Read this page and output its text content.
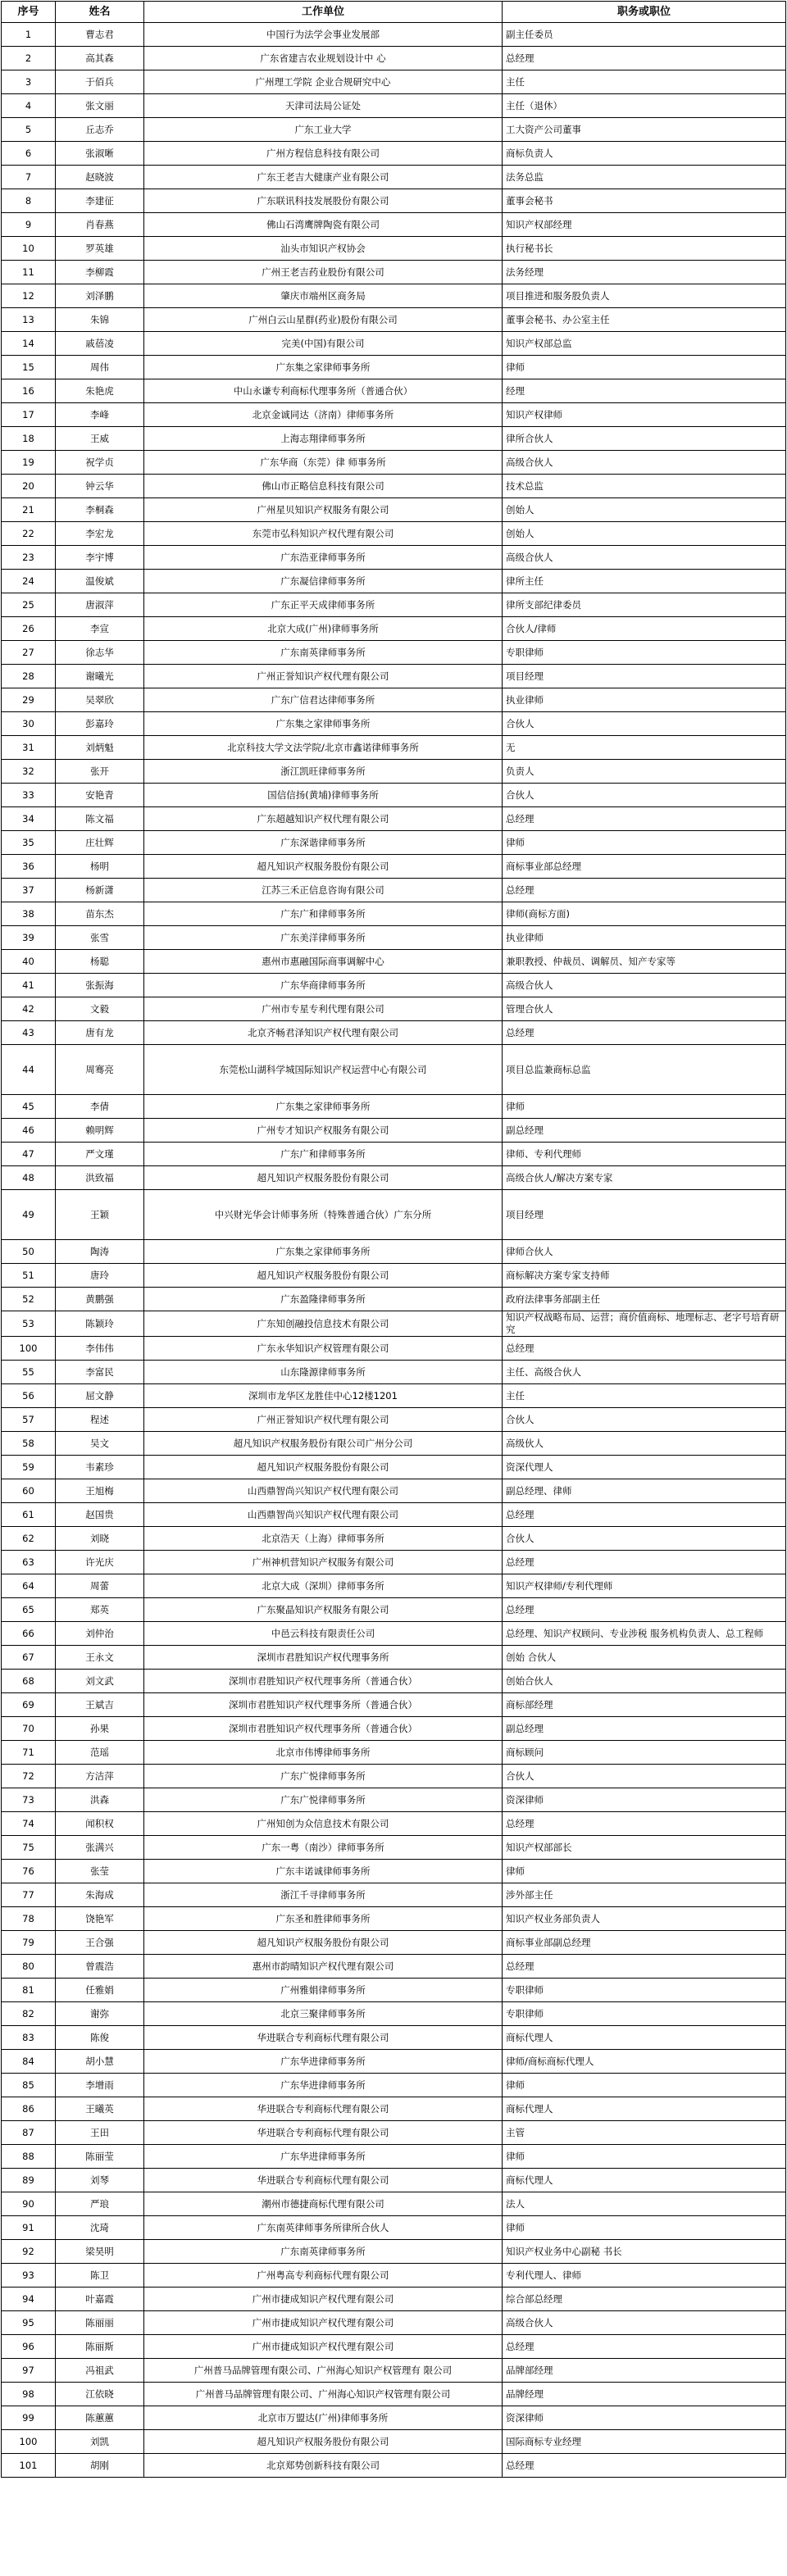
序号	姓名	工作单位	职务或职位
1	曹志君	中国行为法学会事业发展部	副主任委员
2	高其森	广东省建吉农业规划设计中 心	总经理
3	于佰兵	广州理工学院 企业合规研究中心	主任
4	张文丽	天津司法局公证处	主任（退休）
5	丘志乔	广东工业大学	工大资产公司董事
6	张淑晰	广州方程信息科技有限公司	商标负责人
7	赵晓波	广东王老吉大健康产业有限公司	法务总监
8	李建征	广东联讯科技发展股份有限公司	董事会秘书
9	肖春燕	佛山石湾鹰牌陶瓷有限公司	知识产权部经理
10	罗英雄	汕头市知识产权协会	执行秘书长
11	李柳霞	广州王老吉药业股份有限公司	法务经理
12	刘泽鹏	肇庆市端州区商务局	项目推进和服务股负责人
13	朱锦	广州白云山星群(药业)股份有限公司	董事会秘书、办公室主任
14	戚蓓凌	完美(中国)有限公司	知识产权部总监
15	周伟	广东集之家律师事务所	律师
16	朱艳虎	中山永谦专利商标代理事务所（普通合伙）	经理
17	李峰	北京金诚同达（济南）律师事务所	知识产权律师
18	王威	上海志翔律师事务所	律所合伙人
19	祝学贞	广东华商（东莞）律 师事务所	高级合伙人
20	钟云华	佛山市正略信息科技有限公司	技术总监
21	李桐森	广州星贝知识产权服务有限公司	创始人
22	李宏龙	东莞市弘科知识产权代理有限公司	创始人
23	李宇博	广东浩亚律师事务所	高级合伙人
24	温俊斌	广东凝信律师事务所	律所主任
25	唐淑萍	广东正平天成律师事务所	律所支部纪律委员
26	李宣	北京大成(广州)律师事务所	合伙人/律师
27	徐志华	广东南英律师事务所	专职律师
28	谢曦光	广州正誉知识产权代理有限公司	项目经理
29	吴翠欣	广东广信君达律师事务所	执业律师
30	彭嘉玲	广东集之家律师事务所	合伙人
31	刘炳魁	北京科技大学文法学院/北京市鑫诺律师事务所	无
32	张开	浙江凯旺律师事务所	负责人
33	安艳青	国信信扬(黄埔)律师事务所	合伙人
34	陈文福	广东超越知识产权代理有限公司	总经理
35	庄壮辉	广东深谐律师事务所	律师
36	杨明	超凡知识产权服务股份有限公司	商标事业部总经理
37	杨新潇	江苏三禾正信息咨询有限公司	总经理
38	苗东杰	广东广和律师事务所	律师(商标方面)
39	张雪	广东美洋律师事务所	执业律师
40	杨聪	惠州市惠融国际商事调解中心	兼职教授、仲裁员、调解员、知产专家等
41	张振海	广东华商律师事务所	高级合伙人
42	文毅	广州市专星专利代理有限公司	管理合伙人
43	唐有龙	北京齐畅君泽知识产权代理有限公司	总经理
44	周骞亮	东莞松山湖科学城国际知识产权运营中心有限公司	项目总监兼商标总监
45	李倩	广东集之家律师事务所	律师
46	赖明辉	广州专才知识产权服务有限公司	副总经理
47	严文瑾	广东广和律师事务所	律师、专利代理师
48	洪致福	超凡知识产权服务股份有限公司	高级合伙人/解决方案专家
49	王颖	中兴财光华会计师事务所（特殊普通合伙）广东分所	项目经理
50	陶涛	广东集之家律师事务所	律师合伙人
51	唐玲	超凡知识产权服务股份有限公司	商标解决方案专家支持师
52	黄鹏强	广东盈隆律师事务所	政府法律事务部副主任
53	陈颖玲	广东知创融投信息技术有限公司	知识产权战略布局、运营；商价值商标、地理标志、老字号培育研究
100	李伟伟	广东永华知识产权管理有限公司	总经理
55	李富民	山东隆源律师事务所	主任、高级合伙人
56	屈文静	深圳市龙华区龙胜佳中心12楼1201	主任
57	程述	广州正誉知识产权代理有限公司	合伙人
58	吴文	超凡知识产权服务股份有限公司广州分公司	高级伙人
59	韦素珍	超凡知识产权服务股份有限公司	资深代理人
60	王旭梅	山西鼎智尚兴知识产权代理有限公司	副总经理、律师
61	赵国贵	山西鼎智尚兴知识产权代理有限公司	总经理
62	刘晓	北京浩天（上海）律师事务所	合伙人
63	许光庆	广州神机营知识产权服务有限公司	总经理
64	周蕾	北京大成（深圳）律师事务所	知识产权律师/专利代理师
65	郑英	广东聚晶知识产权服务有限公司	总经理
66	刘仲治	中邑云科技有限责任公司	总经理、知识产权顾问、专业涉税 服务机构负责人、总工程师
67	王永文	深圳市君胜知识产权代理事务所	创始 合伙人
68	刘文武	深圳市君胜知识产权代理事务所（普通合伙）	创始合伙人
69	王斌吉	深圳市君胜知识产权代理事务所（普通合伙）	商标部经理
70	孙果	深圳市君胜知识产权代理事务所（普通合伙）	副总经理
71	范瑶	北京市伟博律师事务所	商标顾问
72	方洁萍	广东广悦律师事务所	合伙人
73	洪森	广东广悦律师事务所	资深律师
74	闻积权	广州知创为众信息技术有限公司	总经理
75	张满兴	广东一粤（南沙）律师事务所	知识产权部部长
76	张莹	广东丰诺诚律师事务所	律师
77	朱海成	浙江千寻律师事务所	涉外部主任
78	饶艳军	广东圣和胜律师事务所	知识产权业务部负责人
79	王合强	超凡知识产权服务股份有限公司	商标事业部副总经理
80	曾震浩	惠州市韵晴知识产权代理有限公司	总经理
81	任雅娟	广州雅娟律师事务所	专职律师
82	谢弥	北京三聚律师事务所	专职律师
83	陈俊	华进联合专利商标代理有限公司	商标代理人
84	胡小慧	广东华进律师事务所	律师/商标商标代理人
85	李增雨	广东华进律师事务所	律师
86	王曦英	华进联合专利商标代理有限公司	商标代理人
87	王田	华进联合专利商标代理有限公司	主管
88	陈丽莹	广东华进律师事务所	律师
89	刘琴	华进联合专利商标代理有限公司	商标代理人
90	严琅	潮州市德捷商标代理有限公司	法人
91	沈琦	广东南英律师事务所律所合伙人	律师
92	梁昊明	广东南英律师事务所	知识产权业务中心副秘 书长
93	陈卫	广州粤高专利商标代理有限公司	专利代理人、律师
94	叶嘉霞	广州市捷成知识产权代理有限公司	综合部总经理
95	陈丽丽	广州市捷成知识产权代理有限公司	高级合伙人
96	陈丽斯	广州市捷成知识产权代理有限公司	总经理
97	冯祖武	广州普马品牌管理有限公司、广州海心知识产权管理有 限公司	品牌部经理
98	江依晓	广州普马品牌管理有限公司、广州海心知识产权管理有限公司	品牌经理
99	陈蕙蕙	北京市万盟达(广州)律师事务所	资深律师
100	刘凯	超凡知识产权服务股份有限公司	国际商标专业经理
101	胡刚	北京郑势创新科技有限公司	总经理
